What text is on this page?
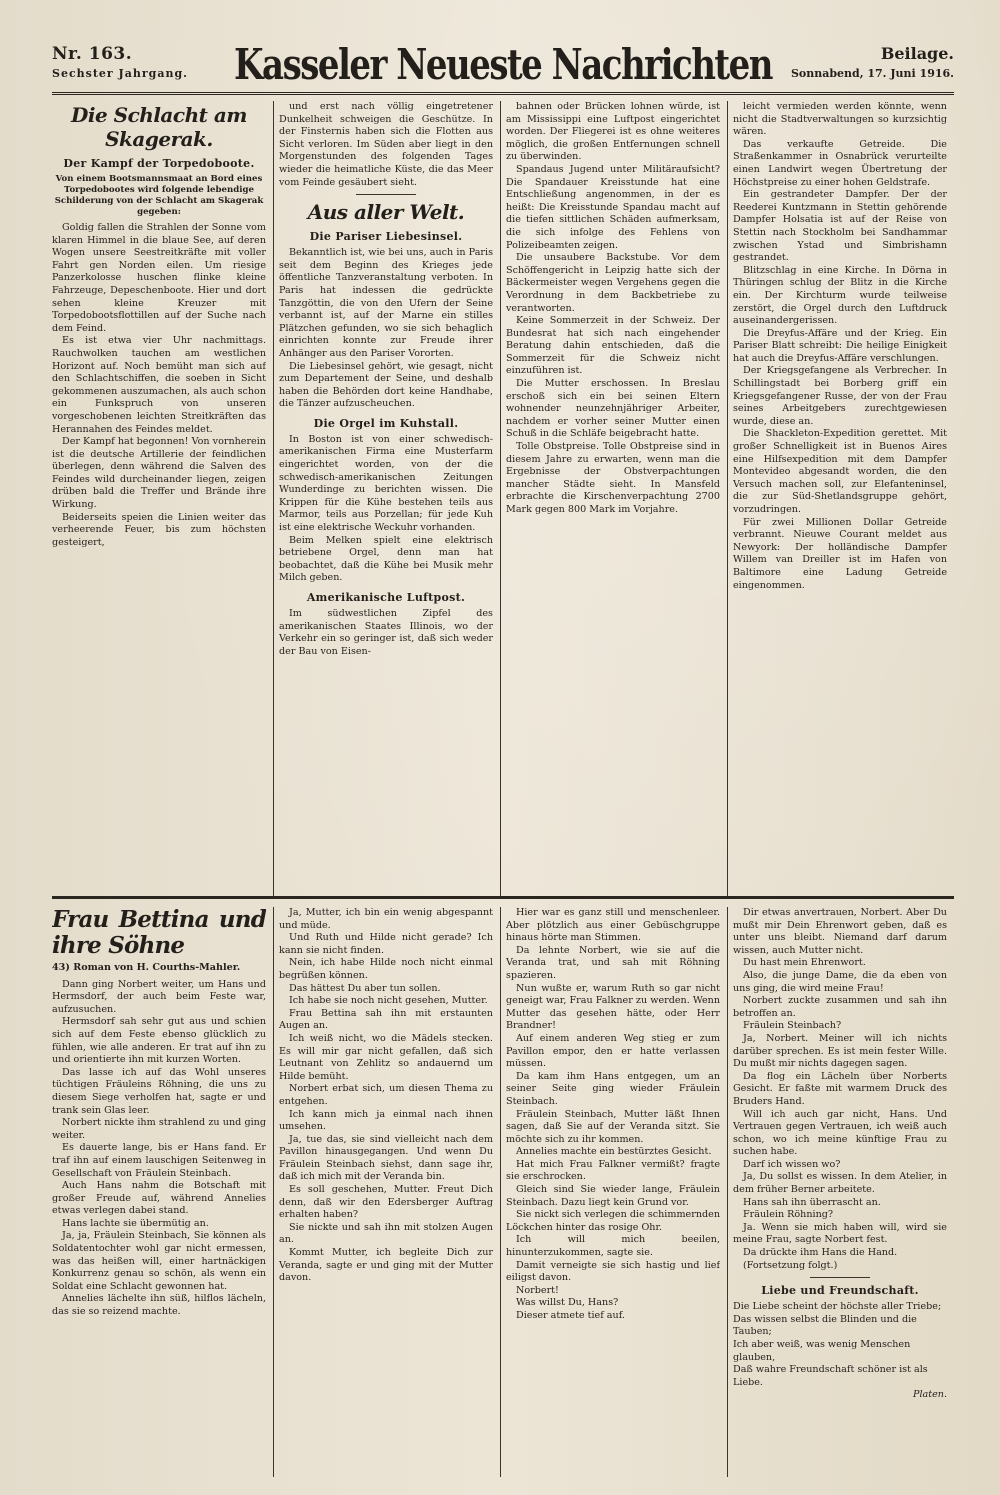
Nr. 163.
Sechster Jahrgang.	Kasseler Neueste Nachrichten	Beilage.
Sonnabend, 17. Juni 1916.
Die Schlacht am Skagerak.
Der Kampf der Torpedoboote.
Von einem Bootsmannsmaat an Bord eines Torpedobootes wird folgende lebendige Schilderung von der Schlacht am Skagerak gegeben:

Goldig fallen die Strahlen der Sonne vom klaren Himmel in die blaue See, auf deren Wogen unsere Seestreitkräfte mit voller Fahrt gen Norden eilen. Um riesige Panzerkolosse huschen flinke kleine Fahrzeuge, Depeschenboote. Hier und dort sehen kleine Kreuzer mit Torpedobootsflottillen auf der Suche nach dem Feind.

Es ist etwa vier Uhr nachmittags. Rauchwolken tauchen am westlichen Horizont auf. Noch bemüht man sich auf den Schlachtschiffen, die soeben in Sicht gekommenen auszumachen, als auch schon ein Funkspruch von unseren vorgeschobenen leichten Streitkräften das Herannahen des Feindes meldet.

Der Kampf hat begonnen! Von vornherein ist die deutsche Artillerie der feindlichen überlegen, denn während die Salven des Feindes wild durcheinander liegen, zeigen drüben bald die Treffer und Brände ihre Wirkung.

Beiderseits speien die Linien weiter das verheerende Feuer, bis zum höchsten gesteigert,

und erst nach völlig eingetretener Dunkelheit schweigen die Geschütze. In der Finsternis haben sich die Flotten aus Sicht verloren. Im Süden aber liegt in den Morgenstunden des folgenden Tages wieder die heimatliche Küste, die das Meer vom Feinde gesäubert sieht.

Aus aller Welt.
Die Pariser Liebesinsel.

Bekanntlich ist, wie bei uns, auch in Paris seit dem Beginn des Krieges jede öffentliche Tanzveranstaltung verboten. In Paris hat indessen die gedrückte Tanzgöttin, die von den Ufern der Seine verbannt ist, auf der Marne ein stilles Plätzchen gefunden, wo sie sich behaglich einrichten konnte zur Freude ihrer Anhänger aus den Pariser Vororten.

Die Liebesinsel gehört, wie gesagt, nicht zum Departement der Seine, und deshalb haben die Behörden dort keine Handhabe, die Tänzer aufzuscheuchen.

Die Orgel im Kuhstall.

In Boston ist von einer schwedisch-amerikanischen Firma eine Musterfarm eingerichtet worden, von der die schwedisch-amerikanischen Zeitungen Wunderdinge zu berichten wissen. Die Krippen für die Kühe bestehen teils aus Marmor, teils aus Porzellan; für jede Kuh ist eine elektrische Weckuhr vorhanden.

Beim Melken spielt eine elektrisch betriebene Orgel, denn man hat beobachtet, daß die Kühe bei Musik mehr Milch geben.

Amerikanische Luftpost.

Im südwestlichen Zipfel des amerikanischen Staates Illinois, wo der Verkehr ein so geringer ist, daß sich weder der Bau von Eisen-

bahnen oder Brücken lohnen würde, ist am Mississippi eine Luftpost eingerichtet worden. Der Fliegerei ist es ohne weiteres möglich, die großen Entfernungen schnell zu überwinden.

Spandaus Jugend unter Militäraufsicht? Die Spandauer Kreisstunde hat eine Entschließung angenommen, in der es heißt: Die Kreisstunde Spandau macht auf die tiefen sittlichen Schäden aufmerksam, die sich infolge des Fehlens von Polizeibeamten zeigen.

Die unsaubere Backstube. Vor dem Schöffengericht in Leipzig hatte sich der Bäckermeister wegen Vergehens gegen die Verordnung in dem Backbetriebe zu verantworten.

Keine Sommerzeit in der Schweiz. Der Bundesrat hat sich nach eingehender Beratung dahin entschieden, daß die Sommerzeit für die Schweiz nicht einzuführen ist.

Die Mutter erschossen. In Breslau erschoß sich ein bei seinen Eltern wohnender neunzehnjähriger Arbeiter, nachdem er vorher seiner Mutter einen Schuß in die Schläfe beigebracht hatte.

Tolle Obstpreise. Tolle Obstpreise sind in diesem Jahre zu erwarten, wenn man die Ergebnisse der Obstverpachtungen mancher Städte sieht. In Mansfeld erbrachte die Kirschenverpachtung 2700 Mark gegen 800 Mark im Vorjahre.

leicht vermieden werden könnte, wenn nicht die Stadtverwaltungen so kurzsichtig wären.

Das verkaufte Getreide. Die Straßenkammer in Osnabrück verurteilte einen Landwirt wegen Übertretung der Höchstpreise zu einer hohen Geldstrafe.

Ein gestrandeter Dampfer. Der der Reederei Kuntzmann in Stettin gehörende Dampfer Holsatia ist auf der Reise von Stettin nach Stockholm bei Sandhammar zwischen Ystad und Simbrishamn gestrandet.

Blitzschlag in eine Kirche. In Dörna in Thüringen schlug der Blitz in die Kirche ein. Der Kirchturm wurde teilweise zerstört, die Orgel durch den Luftdruck auseinandergerissen.

Die Dreyfus-Affäre und der Krieg. Ein Pariser Blatt schreibt: Die heilige Einigkeit hat auch die Dreyfus-Affäre verschlungen.

Der Kriegsgefangene als Verbrecher. In Schillingstadt bei Borberg griff ein Kriegsgefangener Russe, der von der Frau seines Arbeitgebers zurechtgewiesen wurde, diese an.

Die Shackleton-Expedition gerettet. Mit großer Schnelligkeit ist in Buenos Aires eine Hilfsexpedition mit dem Dampfer Montevideo abgesandt worden, die den Versuch machen soll, zur Elefanteninsel, die zur Süd-Shetlandsgruppe gehört, vorzudringen.

Für zwei Millionen Dollar Getreide verbrannt. Nieuwe Courant meldet aus Newyork: Der holländische Dampfer Willem van Dreiller ist im Hafen von Baltimore eine Ladung Getreide eingenommen.

Frau Bettina und ihre Söhne
43) Roman von H. Courths-Mahler.

Dann ging Norbert weiter, um Hans und Hermsdorf, der auch beim Feste war, aufzusuchen.

Hermsdorf sah sehr gut aus und schien sich auf dem Feste ebenso glücklich zu fühlen, wie alle anderen. Er trat auf ihn zu und orientierte ihn mit kurzen Worten.

Das lasse ich auf das Wohl unseres tüchtigen Fräuleins Röhning, die uns zu diesem Siege verholfen hat, sagte er und trank sein Glas leer.

Norbert nickte ihm strahlend zu und ging weiter.

Es dauerte lange, bis er Hans fand. Er traf ihn auf einem lauschigen Seitenweg in Gesellschaft von Fräulein Steinbach.

Auch Hans nahm die Botschaft mit großer Freude auf, während Annelies etwas verlegen dabei stand.

Hans lachte sie übermütig an.

Ja, ja, Fräulein Steinbach, Sie können als Soldatentochter wohl gar nicht ermessen, was das heißen will, einer hartnäckigen Konkurrenz genau so schön, als wenn ein Soldat eine Schlacht gewonnen hat.

Annelies lächelte ihn süß, hilflos lächeln, das sie so reizend machte.

Ja, Mutter, ich bin ein wenig abgespannt und müde.

Und Ruth und Hilde nicht gerade? Ich kann sie nicht finden.

Nein, ich habe Hilde noch nicht einmal begrüßen können.

Das hättest Du aber tun sollen.

Ich habe sie noch nicht gesehen, Mutter.

Frau Bettina sah ihn mit erstaunten Augen an.

Ich weiß nicht, wo die Mädels stecken. Es will mir gar nicht gefallen, daß sich Leutnant von Zehlitz so andauernd um Hilde bemüht.

Norbert erbat sich, um diesen Thema zu entgehen.

Ich kann mich ja einmal nach ihnen umsehen.

Ja, tue das, sie sind vielleicht nach dem Pavillon hinausgegangen. Und wenn Du Fräulein Steinbach siehst, dann sage ihr, daß ich mich mit der Veranda bin.

Es soll geschehen, Mutter. Freut Dich denn, daß wir den Edersberger Auftrag erhalten haben?

Sie nickte und sah ihn mit stolzen Augen an.

Kommt Mutter, ich begleite Dich zur Veranda, sagte er und ging mit der Mutter davon.

Hier war es ganz still und menschenleer. Aber plötzlich aus einer Gebüschgruppe hinaus hörte man Stimmen.

Da lehnte Norbert, wie sie auf die Veranda trat, und sah mit Röhning spazieren.

Nun wußte er, warum Ruth so gar nicht geneigt war, Frau Falkner zu werden. Wenn Mutter das gesehen hätte, oder Herr Brandner!

Auf einem anderen Weg stieg er zum Pavillon empor, den er hatte verlassen müssen.

Da kam ihm Hans entgegen, um an seiner Seite ging wieder Fräulein Steinbach.

Fräulein Steinbach, Mutter läßt Ihnen sagen, daß Sie auf der Veranda sitzt. Sie möchte sich zu ihr kommen.

Annelies machte ein bestürztes Gesicht.

Hat mich Frau Falkner vermißt? fragte sie erschrocken.

Gleich sind Sie wieder lange, Fräulein Steinbach. Dazu liegt kein Grund vor.

Sie nickt sich verlegen die schimmernden Löckchen hinter das rosige Ohr.

Ich will mich beeilen, hinunterzukommen, sagte sie.

Damit verneigte sie sich hastig und lief eiligst davon.

Norbert!

Was willst Du, Hans?

Dieser atmete tief auf.

Dir etwas anvertrauen, Norbert. Aber Du mußt mir Dein Ehrenwort geben, daß es unter uns bleibt. Niemand darf darum wissen, auch Mutter nicht.

Du hast mein Ehrenwort.

Also, die junge Dame, die da eben von uns ging, die wird meine Frau!

Norbert zuckte zusammen und sah ihn betroffen an.

Fräulein Steinbach?

Ja, Norbert. Meiner will ich nichts darüber sprechen. Es ist mein fester Wille. Du mußt mir nichts dagegen sagen.

Da flog ein Lächeln über Norberts Gesicht. Er faßte mit warmem Druck des Bruders Hand.

Will ich auch gar nicht, Hans. Und Vertrauen gegen Vertrauen, ich weiß auch schon, wo ich meine künftige Frau zu suchen habe.

Darf ich wissen wo?

Ja, Du sollst es wissen. In dem Atelier, in dem früher Berner arbeitete.

Hans sah ihn überrascht an.

Fräulein Röhning?

Ja. Wenn sie mich haben will, wird sie meine Frau, sagte Norbert fest.

Da drückte ihm Hans die Hand.

(Fortsetzung folgt.)

Liebe und Freundschaft.

Die Liebe scheint der höchste aller Triebe;

Das wissen selbst die Blinden und die Tauben;

Ich aber weiß, was wenig Menschen glauben,

Daß wahre Freundschaft schöner ist als Liebe.

Platen.
